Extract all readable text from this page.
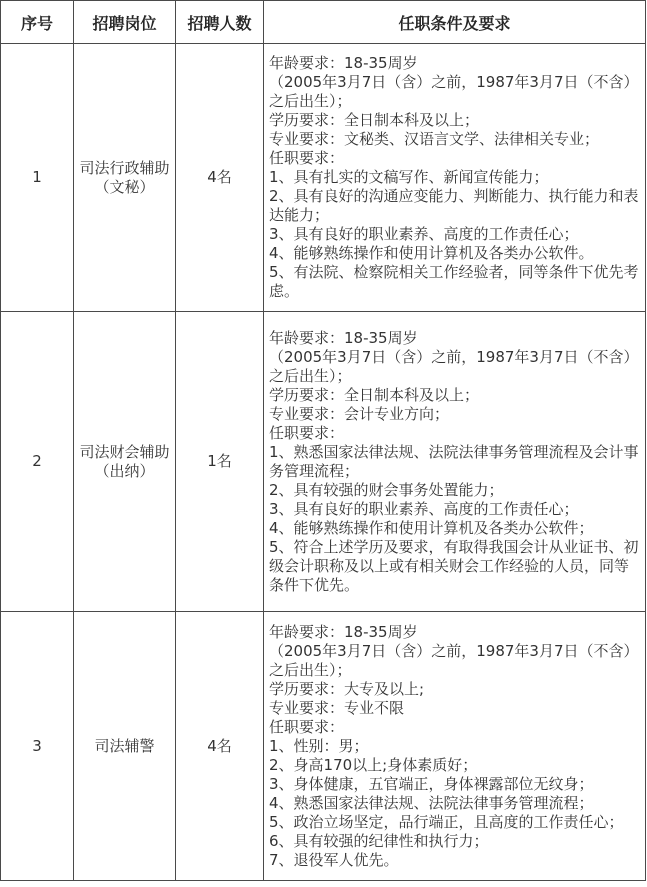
序号	招聘岗位	招聘人数	任职条件及要求
1	司法行政辅助（文秘）	4名	
年龄要求：18-35周岁
（2005年3月7日（含）之前，1987年3月7日（不含）之后出生）；
学历要求：全日制本科及以上；
专业要求：文秘类、汉语言文学、法律相关专业；
任职要求：
1、具有扎实的文稿写作、新闻宣传能力；
2、具有良好的沟通应变能力、判断能力、执行能力和表达能力；
3、具有良好的职业素养、高度的工作责任心；
4、能够熟练操作和使用计算机及各类办公软件。
5、有法院、检察院相关工作经验者，同等条件下优先考虑。

2	司法财会辅助（出纳）	1名	
年龄要求：18-35周岁
（2005年3月7日（含）之前，1987年3月7日（不含）之后出生）；
学历要求：全日制本科及以上；
专业要求：会计专业方向；
任职要求：
1、熟悉国家法律法规、法院法律事务管理流程及会计事务管理流程；
2、具有较强的财会事务处置能力；
3、具有良好的职业素养、高度的工作责任心；
4、能够熟练操作和使用计算机及各类办公软件；
5、符合上述学历及要求，有取得我国会计从业证书、初级会计职称及以上或有相关财会工作经验的人员，同等条件下优先。

3	司法辅警	4名	
年龄要求：18-35周岁
（2005年3月7日（含）之前，1987年3月7日（不含）之后出生）；
学历要求：大专及以上;
专业要求：专业不限
任职要求：
1、性别：男；
2、身高170以上;身体素质好；
3、身体健康，五官端正，身体裸露部位无纹身；
4、熟悉国家法律法规、法院法律事务管理流程；
5、政治立场坚定，品行端正，且高度的工作责任心；
6、具有较强的纪律性和执行力；
7、退役军人优先。
